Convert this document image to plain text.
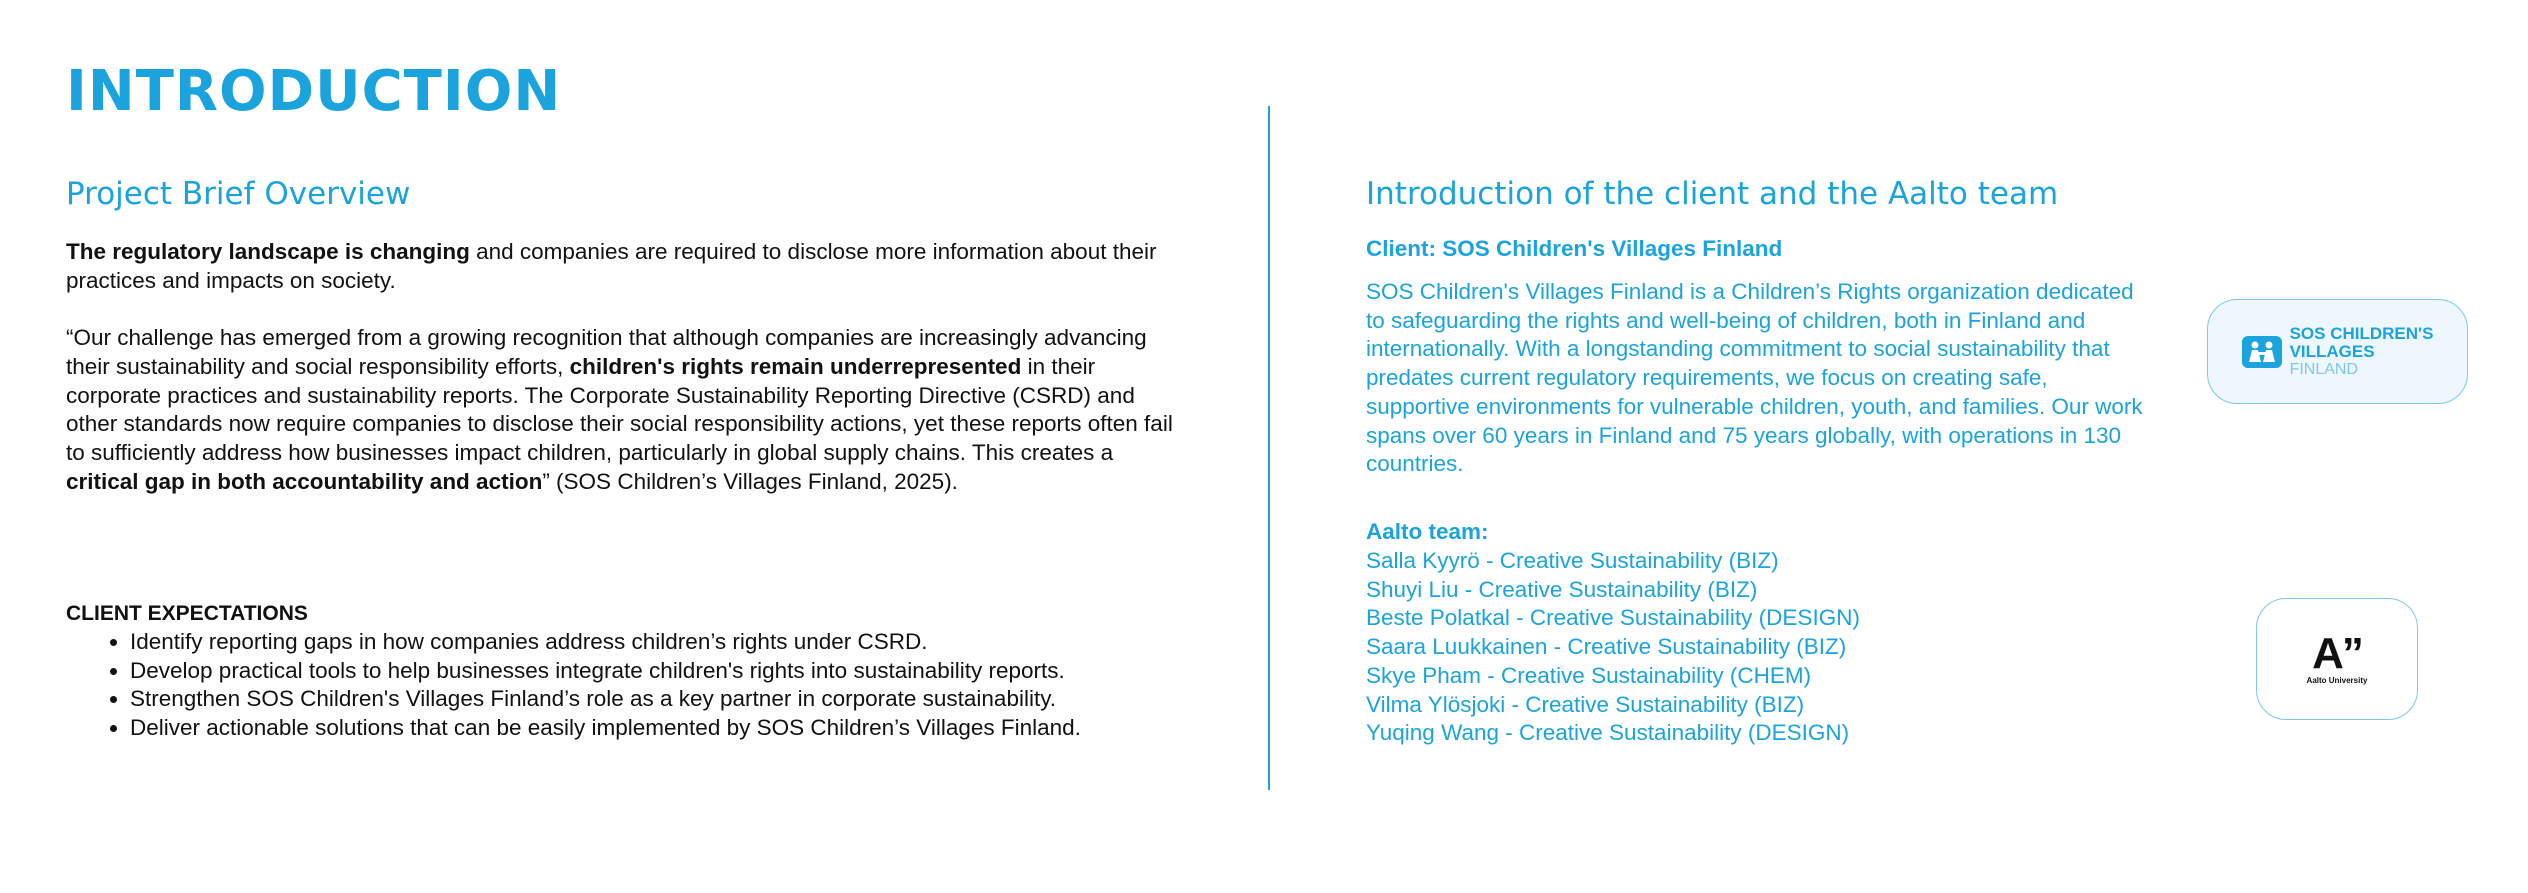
INTRODUCTION
Project Brief Overview

The regulatory landscape is changing and companies are required to disclose more information about their practices and impacts on society.

“Our challenge has emerged from a growing recognition that although companies are increasingly advancing their sustainability and social responsibility efforts, children's rights remain underrepresented in their corporate practices and sustainability reports. The Corporate Sustainability Reporting Directive (CSRD) and other standards now require companies to disclose their social responsibility actions, yet these reports often fail to sufficiently address how businesses impact children, particularly in global supply chains. This creates a critical gap in both accountability and action” (SOS Children’s Villages Finland, 2025).

CLIENT EXPECTATIONS
• Identify reporting gaps in how companies address children’s rights under CSRD.
• Develop practical tools to help businesses integrate children's rights into sustainability reports.
• Strengthen SOS Children's Villages Finland’s role as a key partner in corporate sustainability.
• Deliver actionable solutions that can be easily implemented by SOS Children’s Villages Finland.
Introduction of the client and the Aalto team
Client: SOS Children's Villages Finland

SOS Children's Villages Finland is a Children’s Rights organization dedicated to safeguarding the rights and well-being of children, both in Finland and internationally. With a longstanding commitment to social sustainability that predates current regulatory requirements, we focus on creating safe, supportive environments for vulnerable children, youth, and families. Our work spans over 60 years in Finland and 75 years globally, with operations in 130 countries.

Aalto team:
Salla Kyyrö - Creative Sustainability (BIZ)
Shuyi Liu - Creative Sustainability (BIZ)
Beste Polatkal - Creative Sustainability (DESIGN)
Saara Luukkainen - Creative Sustainability (BIZ)
Skye Pham - Creative Sustainability (CHEM)
Vilma Ylösjoki - Creative Sustainability (BIZ)
Yuqing Wang - Creative Sustainability (DESIGN)
SOS CHILDREN'S
VILLAGES
FINLAND
A”
Aalto University
